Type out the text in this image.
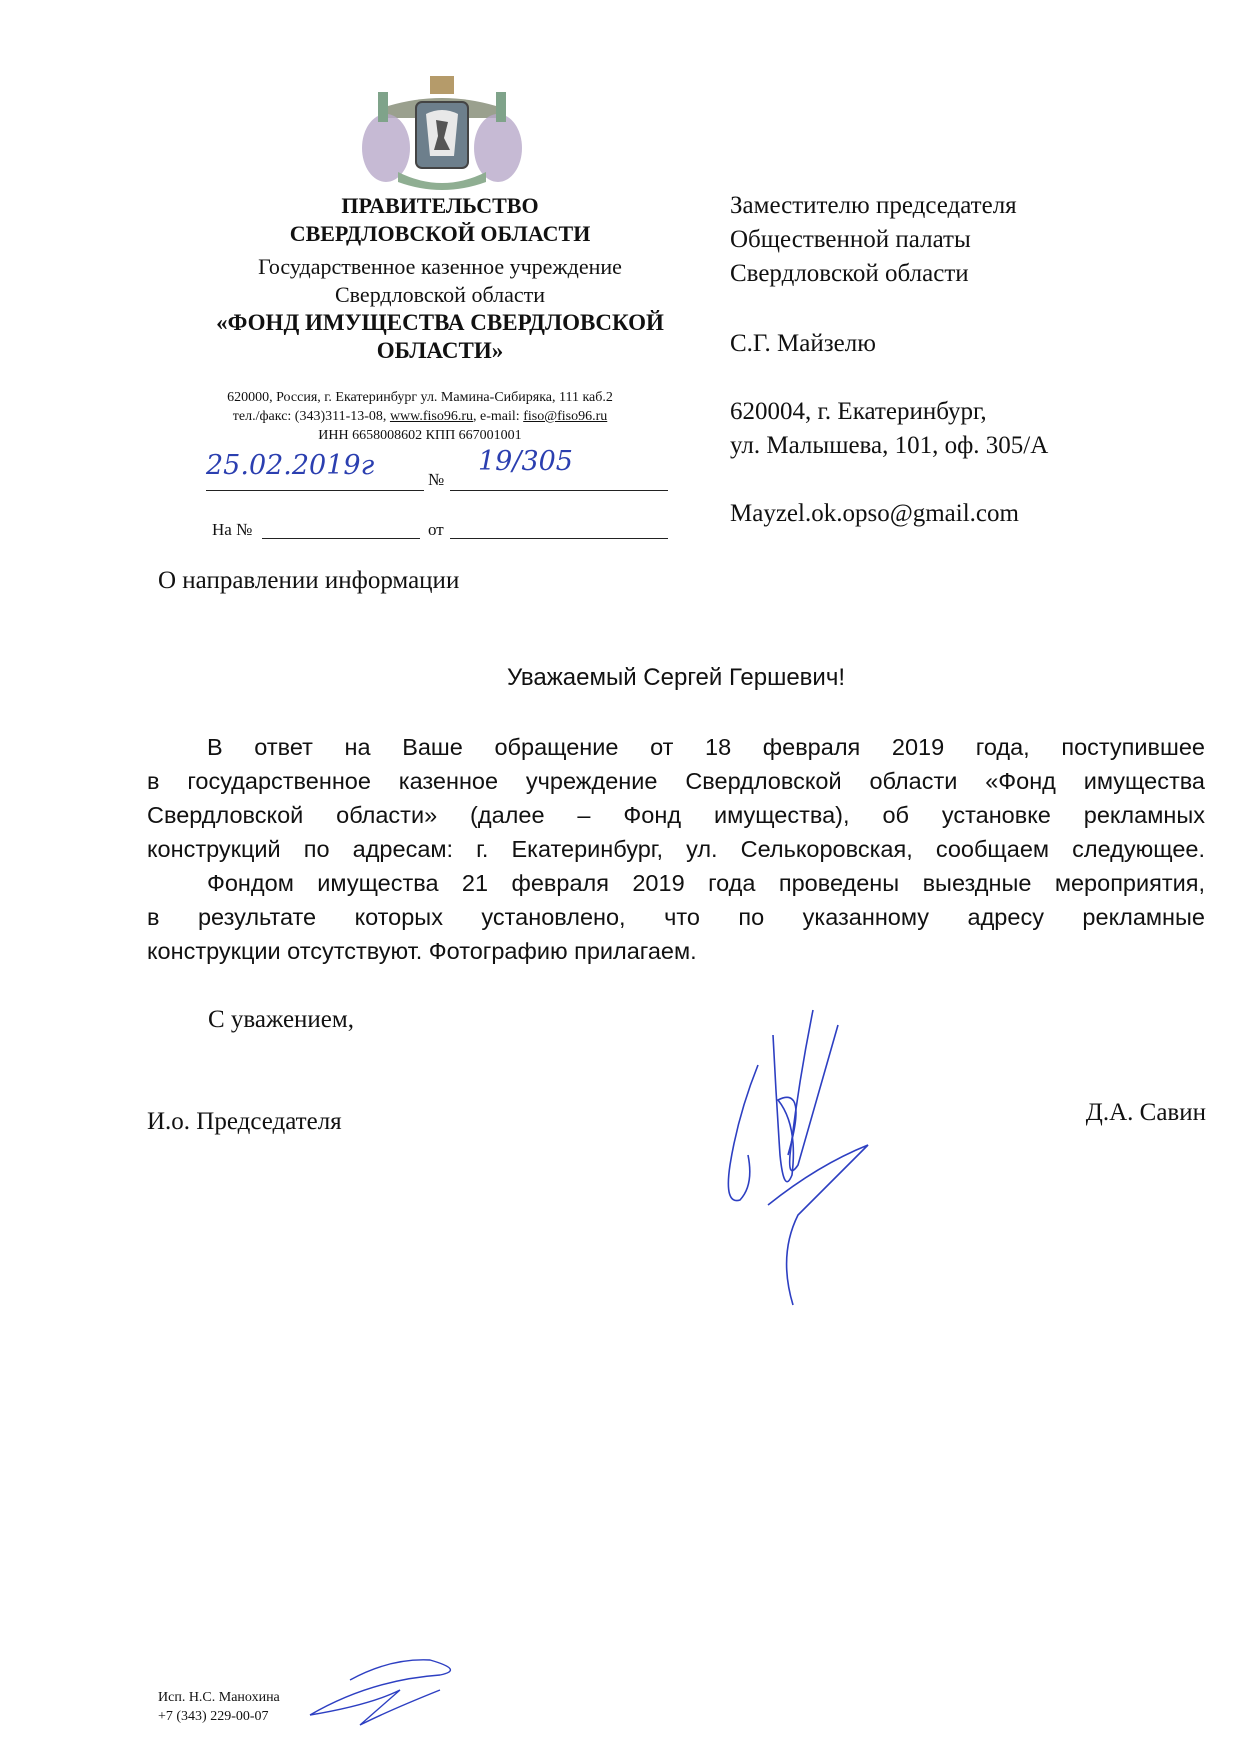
ПРАВИТЕЛЬСТВО
СВЕРДЛОВСКОЙ ОБЛАСТИ
Государственное казенное учреждение
Свердловской области
«ФОНД ИМУЩЕСТВА СВЕРДЛОВСКОЙ
ОБЛАСТИ»
620000, Россия, г. Екатеринбург ул. Мамина-Сибиряка, 111 каб.2
тел./факс: (343)311-13-08, www.fiso96.ru, e-mail: fiso@fiso96.ru
ИНН 6658008602 КПП 667001001
25.02.2019г	№
19/305
На №	от
Заместителю председателя
Общественной палаты
Свердловской области
С.Г. Майзелю
620004, г. Екатеринбург,
ул. Малышева, 101, оф. 305/А
Mayzel.ok.opso@gmail.com
О направлении информации
Уважаемый Сергей Гершевич!
В ответ на Ваше обращение от 18 февраля 2019 года, поступившее
в государственное казенное учреждение Свердловской области «Фонд имущества
Свердловской области» (далее – Фонд имущества), об установке рекламных
конструкций по адресам: г. Екатеринбург, ул. Селькоровская, сообщаем следующее.
Фондом имущества 21 февраля 2019 года проведены выездные мероприятия,
в результате которых установлено, что по указанному адресу рекламные
конструкции отсутствуют. Фотографию прилагаем.
С уважением,
И.о. Председателя	Д.А. Савин
Исп. Н.С. Манохина
+7 (343) 229-00-07
